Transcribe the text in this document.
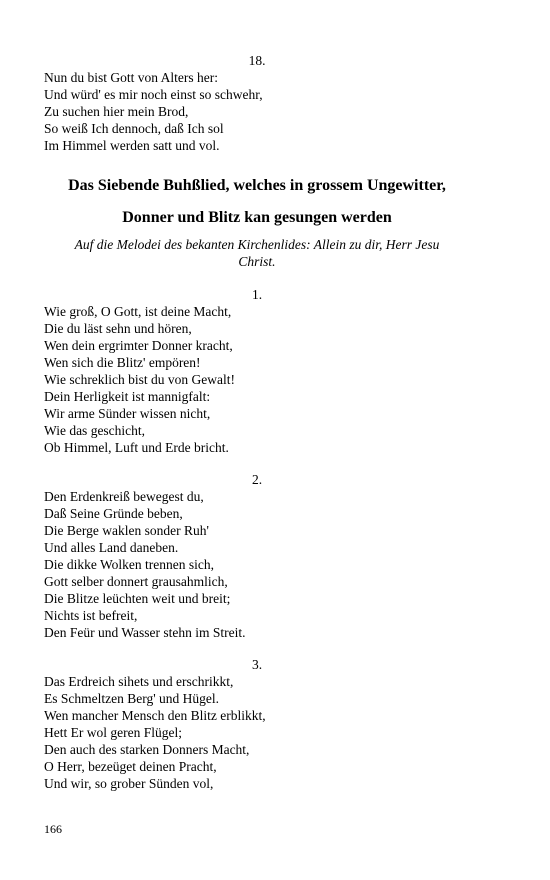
18.
Nun du bist Gott von Alters her:
Und würd' es mir noch einst so schwehr,
Zu suchen hier mein Brod,
So weiß Ich dennoch, daß Ich sol
Im Himmel werden satt und vol.
Das Siebende Buhßlied, welches in grossem Ungewitter,
Donner und Blitz kan gesungen werden
Auf die Melodei des bekanten Kirchenlides: Allein zu dir, Herr Jesu
Christ.
1.
Wie groß, O Gott, ist deine Macht,
Die du läst sehn und hören,
Wen dein ergrimter Donner kracht,
Wen sich die Blitz' empören!
Wie schreklich bist du von Gewalt!
Dein Herligkeit ist mannigfalt:
Wir arme Sünder wissen nicht,
Wie das geschicht,
Ob Himmel, Luft und Erde bricht.
2.
Den Erdenkreiß bewegest du,
Daß Seine Gründe beben,
Die Berge waklen sonder Ruh'
Und alles Land daneben.
Die dikke Wolken trennen sich,
Gott selber donnert grausahmlich,
Die Blitze leüchten weit und breit;
Nichts ist befreit,
Den Feür und Wasser stehn im Streit.
3.
Das Erdreich sihets und erschrikkt,
Es Schmeltzen Berg' und Hügel.
Wen mancher Mensch den Blitz erblikkt,
Hett Er wol geren Flügel;
Den auch des starken Donners Macht,
O Herr, bezeüget deinen Pracht,
Und wir, so grober Sünden vol,
166
